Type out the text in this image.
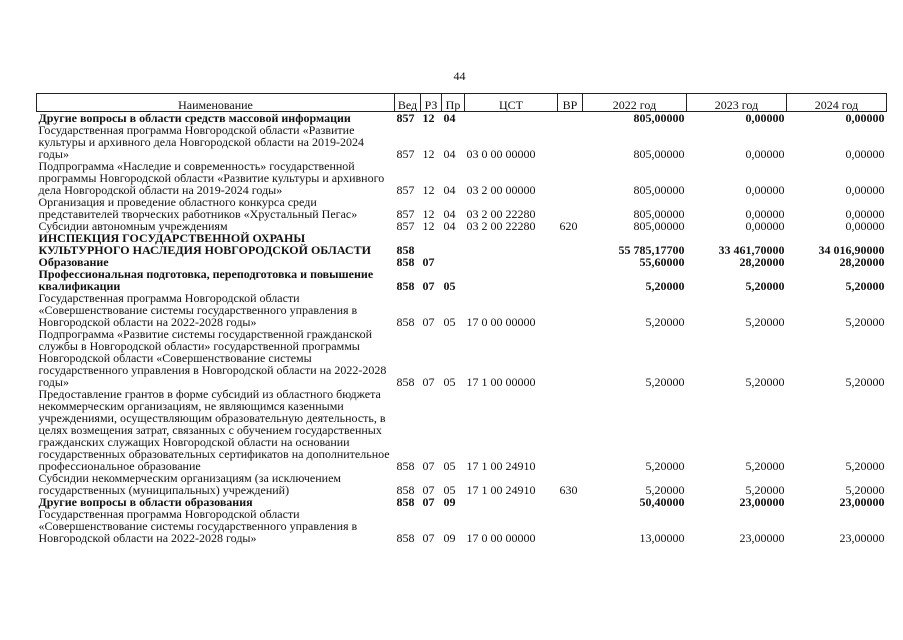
44
Наименование	Вед	РЗ	Пр	ЦСТ	ВР	2022 год	2023 год	2024 год
Другие вопросы в области средств массовой информации	857	12	04			805,00000	0,00000	0,00000
Государственная программа Новгородской области «Развитие культуры и архивного дела Новгородской области на 2019-2024 годы»	857	12	04	03 0 00 00000		805,00000	0,00000	0,00000
Подпрограмма «Наследие и современность» государственной программы Новгородской области «Развитие культуры и архивного дела Новгородской области на 2019-2024 годы»	857	12	04	03 2 00 00000		805,00000	0,00000	0,00000
Организация и проведение областного конкурса среди представителей творческих работников «Хрустальный Пегас»	857	12	04	03 2 00 22280		805,00000	0,00000	0,00000
Субсидии автономным учреждениям	857	12	04	03 2 00 22280	620	805,00000	0,00000	0,00000
ИНСПЕКЦИЯ ГОСУДАРСТВЕННОЙ ОХРАНЫ КУЛЬТУРНОГО НАСЛЕДИЯ НОВГОРОДСКОЙ ОБЛАСТИ	858					55 785,17700	33 461,70000	34 016,90000
Образование	858	07				55,60000	28,20000	28,20000
Профессиональная подготовка, переподготовка и повышение квалификации	858	07	05			5,20000	5,20000	5,20000
Государственная программа Новгородской области «Совершенствование системы государственного управления в Новгородской области на 2022-2028 годы»	858	07	05	17 0 00 00000		5,20000	5,20000	5,20000
Подпрограмма «Развитие системы государственной гражданской службы в Новгородской области» государственной программы Новгородской области «Совершенствование системы государственного управления в Новгородской области на 2022-2028 годы»	858	07	05	17 1 00 00000		5,20000	5,20000	5,20000
Предоставление грантов в форме субсидий из областного бюджета некоммерческим организациям, не являющимся казенными учреждениями, осуществляющим образовательную деятельность, в целях возмещения затрат, связанных с обучением государственных гражданских служащих Новгородской области на основании государственных образовательных сертификатов на дополнительное профессиональное образование	858	07	05	17 1 00 24910		5,20000	5,20000	5,20000
Субсидии некоммерческим организациям (за исключением государственных (муниципальных) учреждений)	858	07	05	17 1 00 24910	630	5,20000	5,20000	5,20000
Другие вопросы в области образования	858	07	09			50,40000	23,00000	23,00000
Государственная программа Новгородской области «Совершенствование системы государственного управления в Новгородской области на 2022-2028 годы»	858	07	09	17 0 00 00000		13,00000	23,00000	23,00000
